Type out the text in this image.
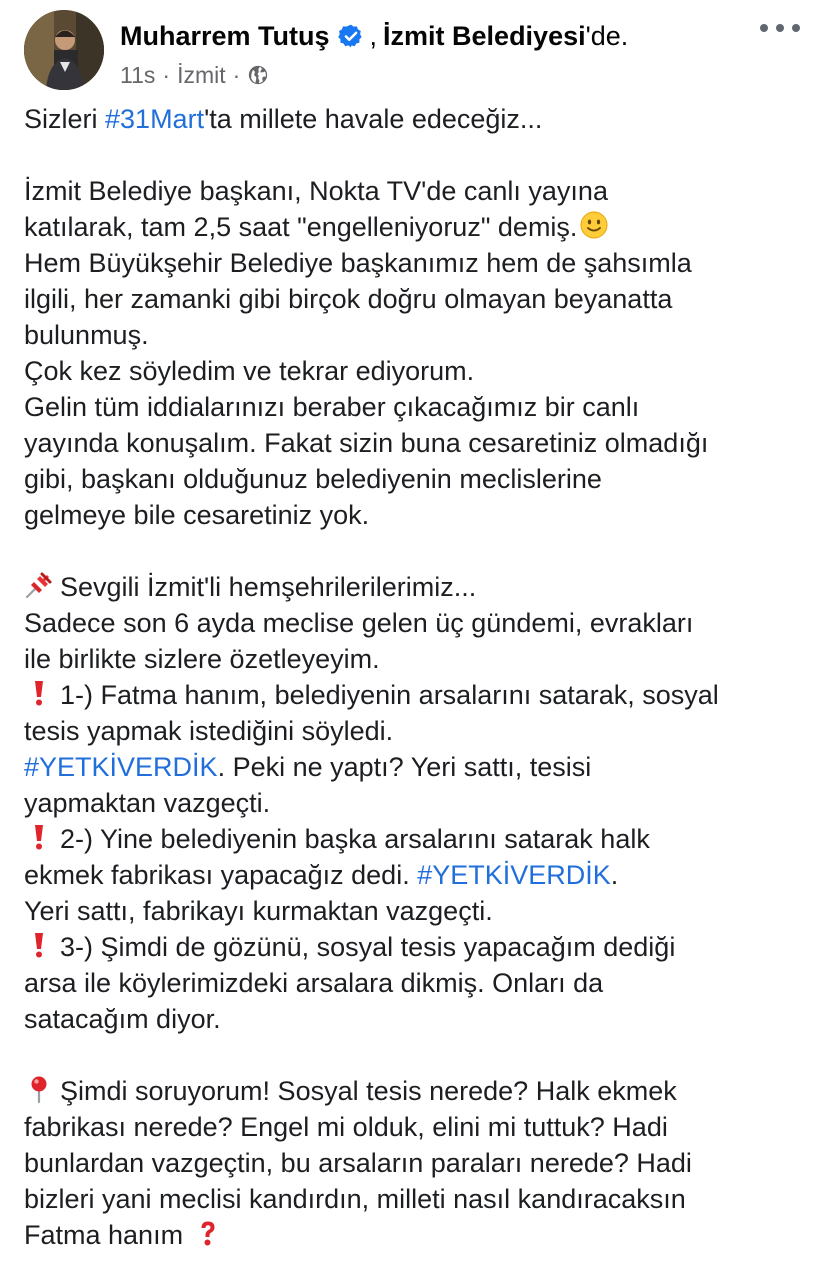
Muharrem Tutuş , İzmit Belediyesi 'de.
11s · İzmit ·
Sizleri #31Mart'ta millete havale edeceğiz...
İzmit Belediye başkanı, Nokta TV'de canlı yayına
katılarak, tam 2,5 saat "engelleniyoruz" demiş.
Hem Büyükşehir Belediye başkanımız hem de şahsımla
ilgili, her zamanki gibi birçok doğru olmayan beyanatta
bulunmuş.
Çok kez söyledim ve tekrar ediyorum.
Gelin tüm iddialarınızı beraber çıkacağımız bir canlı
yayında konuşalım. Fakat sizin buna cesaretiniz olmadığı
gibi, başkanı olduğunuz belediyenin meclislerine
gelmeye bile cesaretiniz yok.
Sevgili İzmit'li hemşehrilerilerimiz...
Sadece son 6 ayda meclise gelen üç gündemi, evrakları
ile birlikte sizlere özetleyeyim.
1-) Fatma hanım, belediyenin arsalarını satarak, sosyal
tesis yapmak istediğini söyledi.
#YETKİVERDİK. Peki ne yaptı? Yeri sattı, tesisi
yapmaktan vazgeçti.
2-) Yine belediyenin başka arsalarını satarak halk
ekmek fabrikası yapacağız dedi. #YETKİVERDİK.
Yeri sattı, fabrikayı kurmaktan vazgeçti.
3-) Şimdi de gözünü, sosyal tesis yapacağım dediği
arsa ile köylerimizdeki arsalara dikmiş. Onları da
satacağım diyor.
Şimdi soruyorum! Sosyal tesis nerede? Halk ekmek
fabrikası nerede? Engel mi olduk, elini mi tuttuk? Hadi
bunlardan vazgeçtin, bu arsaların paraları nerede? Hadi
bizleri yani meclisi kandırdın, milleti nasıl kandıracaksın
Fatma hanım
